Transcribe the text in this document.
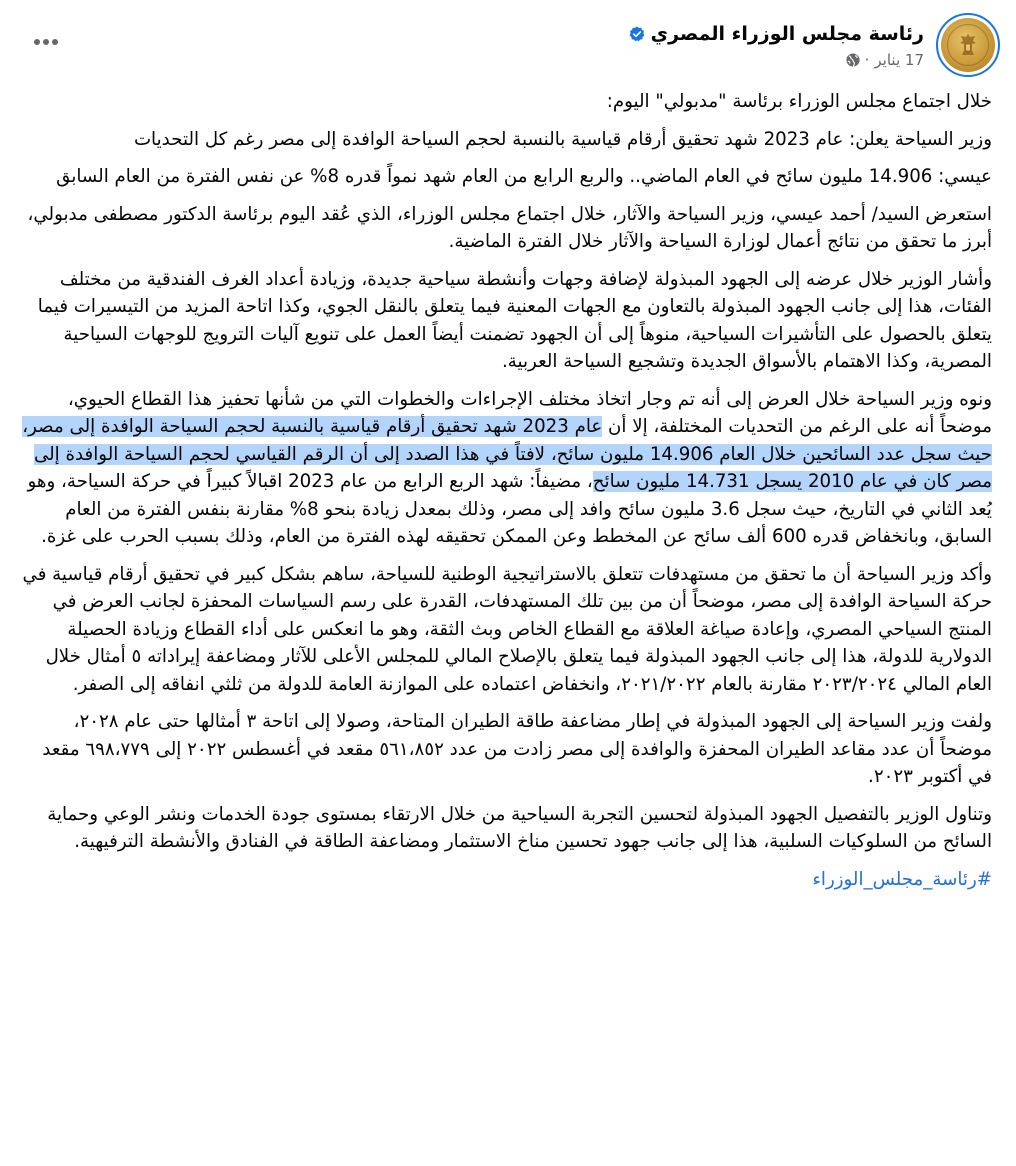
رئاسة مجلس الوزراء المصري
17 يناير
·

خلال اجتماع مجلس الوزراء برئاسة "مدبولي" اليوم:

وزير السياحة يعلن: عام 2023 شهد تحقيق أرقام قياسية بالنسبة لحجم السياحة الوافدة إلى مصر رغم كل التحديات

عيسي: 14.906 مليون سائح في العام الماضي.. والربع الرابع من العام شهد نمواً قدره 8% عن نفس الفترة من العام السابق

استعرض السيد/ أحمد عيسي، وزير السياحة والآثار، خلال اجتماع مجلس الوزراء، الذي عُقد اليوم برئاسة الدكتور مصطفى مدبولي، أبرز ما تحقق من نتائج أعمال لوزارة السياحة والآثار خلال الفترة الماضية.

وأشار الوزير خلال عرضه إلى الجهود المبذولة لإضافة وجهات وأنشطة سياحية جديدة، وزيادة أعداد الغرف الفندقية من مختلف الفئات، هذا إلى جانب الجهود المبذولة بالتعاون مع الجهات المعنية فيما يتعلق بالنقل الجوي، وكذا اتاحة المزيد من التيسيرات فيما يتعلق بالحصول على التأشيرات السياحية، منوهاً إلى أن الجهود تضمنت أيضاً العمل على تنويع آليات الترويج للوجهات السياحية المصرية، وكذا الاهتمام بالأسواق الجديدة وتشجيع السياحة العربية.

ونوه وزير السياحة خلال العرض إلى أنه تم وجار اتخاذ مختلف الإجراءات والخطوات التي من شأنها تحفيز هذا القطاع الحيوي، موضحاً أنه على الرغم من التحديات المختلفة، إلا أن عام 2023 شهد تحقيق أرقام قياسية بالنسبة لحجم السياحة الوافدة إلى مصر، حيث سجل عدد السائحين خلال العام 14.906 مليون سائح، لافتاً في هذا الصدد إلى أن الرقم القياسي لحجم السياحة الوافدة إلى مصر كان في عام 2010 يسجل 14.731 مليون سائح، مضيفاً: شهد الربع الرابع من عام 2023 اقبالاً كبيراً في حركة السياحة، وهو يُعد الثاني في التاريخ، حيث سجل 3.6 مليون سائح وافد إلى مصر، وذلك بمعدل زيادة بنحو 8% مقارنة بنفس الفترة من العام السابق، وبانخفاض قدره 600 ألف سائح عن المخطط وعن الممكن تحقيقه لهذه الفترة من العام، وذلك بسبب الحرب على غزة.

وأكد وزير السياحة أن ما تحقق من مستهدفات تتعلق بالاستراتيجية الوطنية للسياحة، ساهم بشكل كبير في تحقيق أرقام قياسية في حركة السياحة الوافدة إلى مصر، موضحاً أن من بين تلك المستهدفات، القدرة على رسم السياسات المحفزة لجانب العرض في المنتج السياحي المصري، وإعادة صياغة العلاقة مع القطاع الخاص وبث الثقة، وهو ما انعكس على أداء القطاع وزيادة الحصيلة الدولارية للدولة، هذا إلى جانب الجهود المبذولة فيما يتعلق بالإصلاح المالي للمجلس الأعلى للآثار ومضاعفة إيراداته ٥ أمثال خلال العام المالي ٢٠٢٣/٢٠٢٤ مقارنة بالعام ٢٠٢١/٢٠٢٢، وانخفاض اعتماده على الموازنة العامة للدولة من ثلثي انفاقه إلى الصفر.

ولفت وزير السياحة إلى الجهود المبذولة في إطار مضاعفة طاقة الطيران المتاحة، وصولا إلى اتاحة ٣ أمثالها حتى عام ٢٠٢٨، موضحاً أن عدد مقاعد الطيران المحفزة والوافدة إلى مصر زادت من عدد ٥٦١،٨٥٢ مقعد في أغسطس ٢٠٢٢ إلى ٦٩٨،٧٧٩ مقعد في أكتوبر ٢٠٢٣.

وتناول الوزير بالتفصيل الجهود المبذولة لتحسين التجربة السياحية من خلال الارتقاء بمستوى جودة الخدمات ونشر الوعي وحماية السائح من السلوكيات السلبية، هذا إلى جانب جهود تحسين مناخ الاستثمار ومضاعفة الطاقة في الفنادق والأنشطة الترفيهية.

#رئاسة_مجلس_الوزراء
